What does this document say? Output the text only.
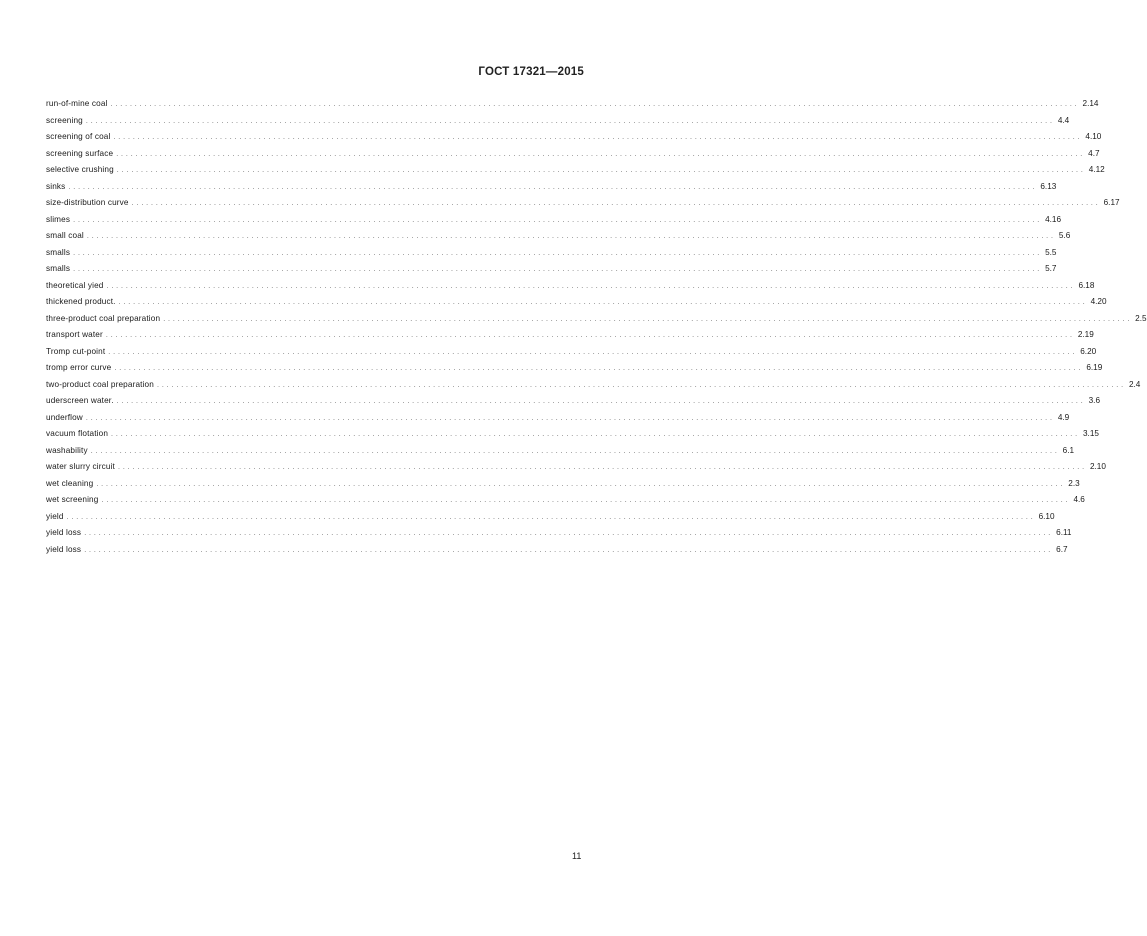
ГОСТ 17321—2015
run-of-mine coal ........................................................................................................................................................................................................ 2.14
screening ........................................................................................................................................................................................................ 4.4
screening of coal ........................................................................................................................................................................................................ 4.10
screening surface ........................................................................................................................................................................................................ 4.7
selective crushing ........................................................................................................................................................................................................ 4.12
sinks ........................................................................................................................................................................................................ 6.13
size-distribution curve ........................................................................................................................................................................................................ 6.17
slimes ........................................................................................................................................................................................................ 4.16
small coal ........................................................................................................................................................................................................ 5.6
smalls ........................................................................................................................................................................................................ 5.5
smalls ........................................................................................................................................................................................................ 5.7
theoretical yied ........................................................................................................................................................................................................ 6.18
thickened product. ........................................................................................................................................................................................................ 4.20
three-product coal preparation ........................................................................................................................................................................................................ 2.5
transport water ........................................................................................................................................................................................................ 2.19
Tromp cut-point ........................................................................................................................................................................................................ 6.20
tromp error curve ........................................................................................................................................................................................................ 6.19
two-product coal preparation ........................................................................................................................................................................................................ 2.4
uderscreen water. ........................................................................................................................................................................................................ 3.6
underflow ........................................................................................................................................................................................................ 4.9
vacuum flotation ........................................................................................................................................................................................................ 3.15
washability ........................................................................................................................................................................................................ 6.1
water slurry circuit ........................................................................................................................................................................................................ 2.10
wet cleaning ........................................................................................................................................................................................................ 2.3
wet screening ........................................................................................................................................................................................................ 4.6
yield ........................................................................................................................................................................................................ 6.10
yield loss ........................................................................................................................................................................................................ 6.11
yield loss ........................................................................................................................................................................................................ 6.7
11
